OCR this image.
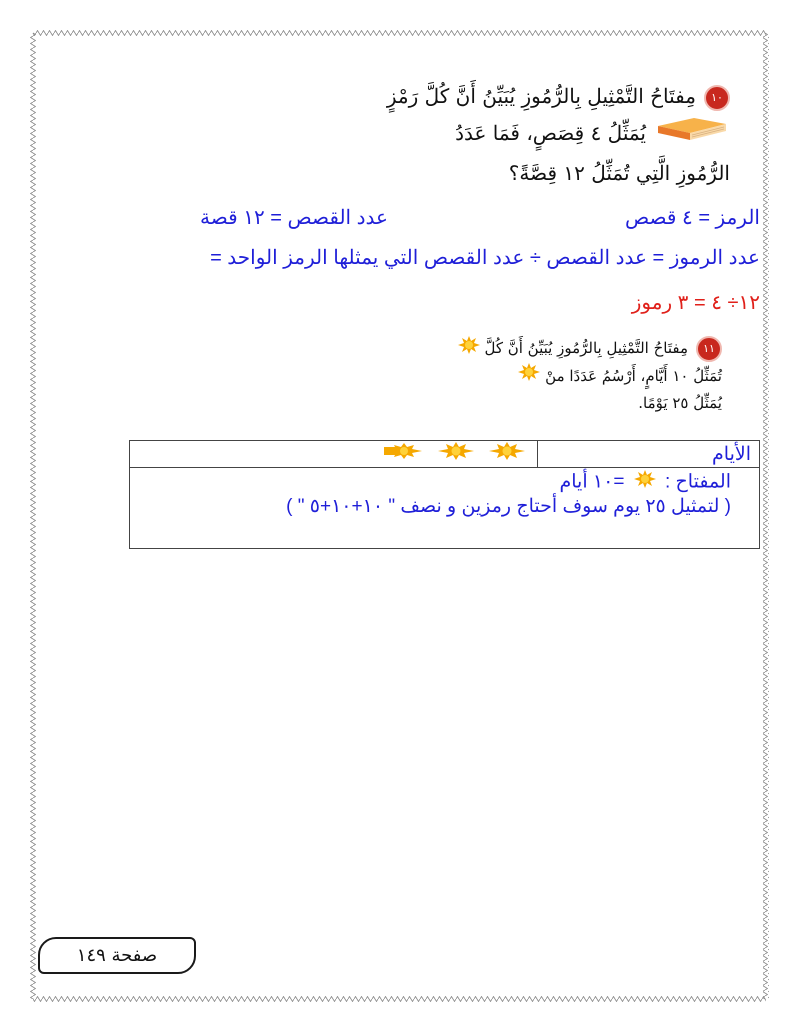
١٠مِفتَاحُ التَّمْثِيلِ بِالرُّمُوزِ يُبَيِّنُ أَنَّ كُلَّ رَمْزٍ
يُمَثِّلُ ٤ قِصَصٍ، فَمَا عَدَدُ
الرُّمُوزِ الَّتِي تُمَثِّلُ ١٢ قِصَّةً؟
الرمز = ٤ قصص
عدد القصص = ١٢ قصة
عدد الرموز = عدد القصص ÷ عدد القصص التي يمثلها الرمز الواحد =
١٢÷ ٤ = ٣ رموز
١١مِفتَاحُ التَّمْثِيلِ بِالرُّمُوزِ يُبَيِّنُ أَنَّ كُلَّ
تُمَثِّلُ ١٠ أَيَّامٍ، أَرْسُمُ عَدَدًا منْ
يُمَثِّلُ ٢٥ يَوْمًا.
الأيام	

المفتاح :  =١٠ أيام
( لتمثيل ٢٥ يوم سوف أحتاج رمزين و نصف " ١٠+١٠+٥ " )
صفحة ١٤٩
